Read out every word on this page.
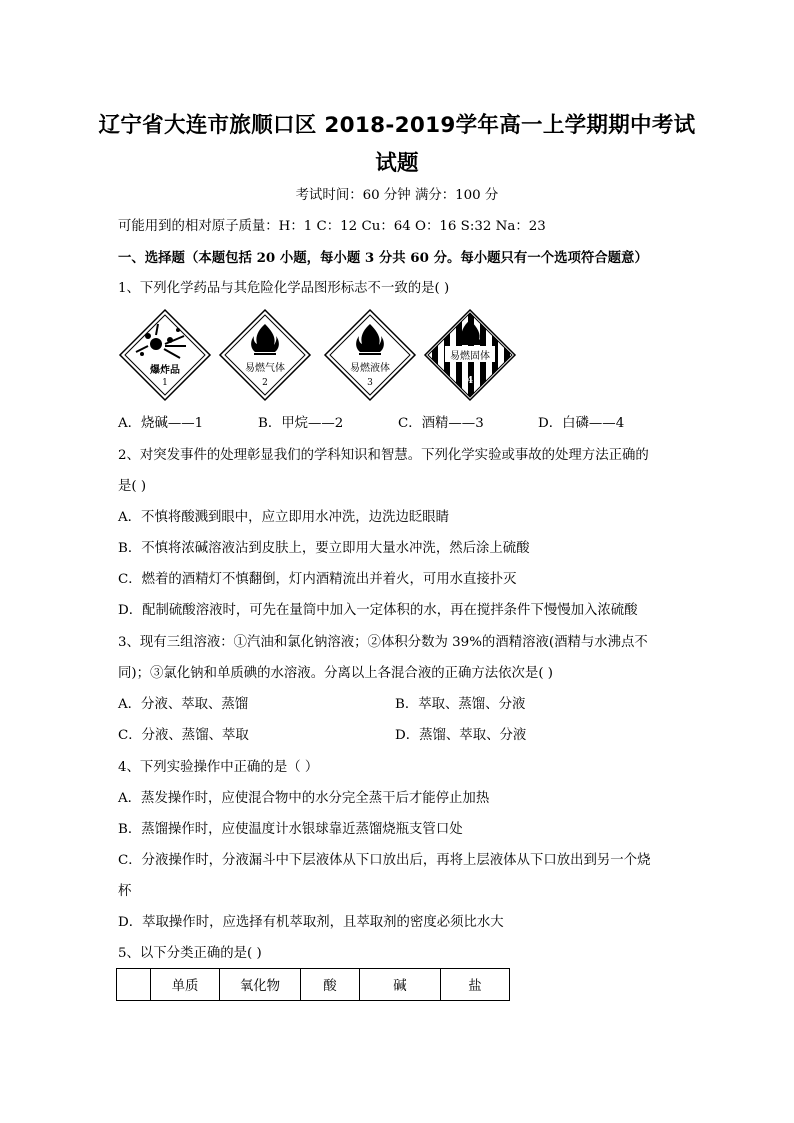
辽宁省大连市旅顺口区 2018-2019学年高一上学期期中考试
试题
考试时间：60 分钟 满分：100 分
可能用到的相对原子质量：H：1 C：12 Cu：64 O：16 S:32 Na：23
一、选择题（本题包括 20 小题，每小题 3 分共 60 分。每小题只有一个选项符合题意）
1、下列化学药品与其危险化学品图形标志不一致的是( )
爆炸品
1
易燃气体
2
易燃液体
3
易燃固体
4
A．烧碱——1	B．甲烷——2	C．酒精——3	D．白磷——4
2、对突发事件的处理彰显我们的学科知识和智慧。下列化学实验或事故的处理方法正确的
是( )
A．不慎将酸溅到眼中，应立即用水冲洗，边洗边眨眼睛
B．不慎将浓碱溶液沾到皮肤上，要立即用大量水冲洗，然后涂上硫酸
C．燃着的酒精灯不慎翻倒，灯内酒精流出并着火，可用水直接扑灭
D．配制硫酸溶液时，可先在量筒中加入一定体积的水，再在搅拌条件下慢慢加入浓硫酸
3、现有三组溶液：①汽油和氯化钠溶液；②体积分数为 39%的酒精溶液(酒精与水沸点不
同)；③氯化钠和单质碘的水溶液。分离以上各混合液的正确方法依次是( )
A．分液、萃取、蒸馏	B．萃取、蒸馏、分液
C．分液、蒸馏、萃取	D．蒸馏、萃取、分液
4、下列实验操作中正确的是（ ）
A．蒸发操作时，应使混合物中的水分完全蒸干后才能停止加热
B．蒸馏操作时，应使温度计水银球靠近蒸馏烧瓶支管口处
C．分液操作时，分液漏斗中下层液体从下口放出后，再将上层液体从下口放出到另一个烧
杯
D．萃取操作时，应选择有机萃取剂，且萃取剂的密度必须比水大
5、以下分类正确的是( )
	单质	氧化物	酸	碱	盐
